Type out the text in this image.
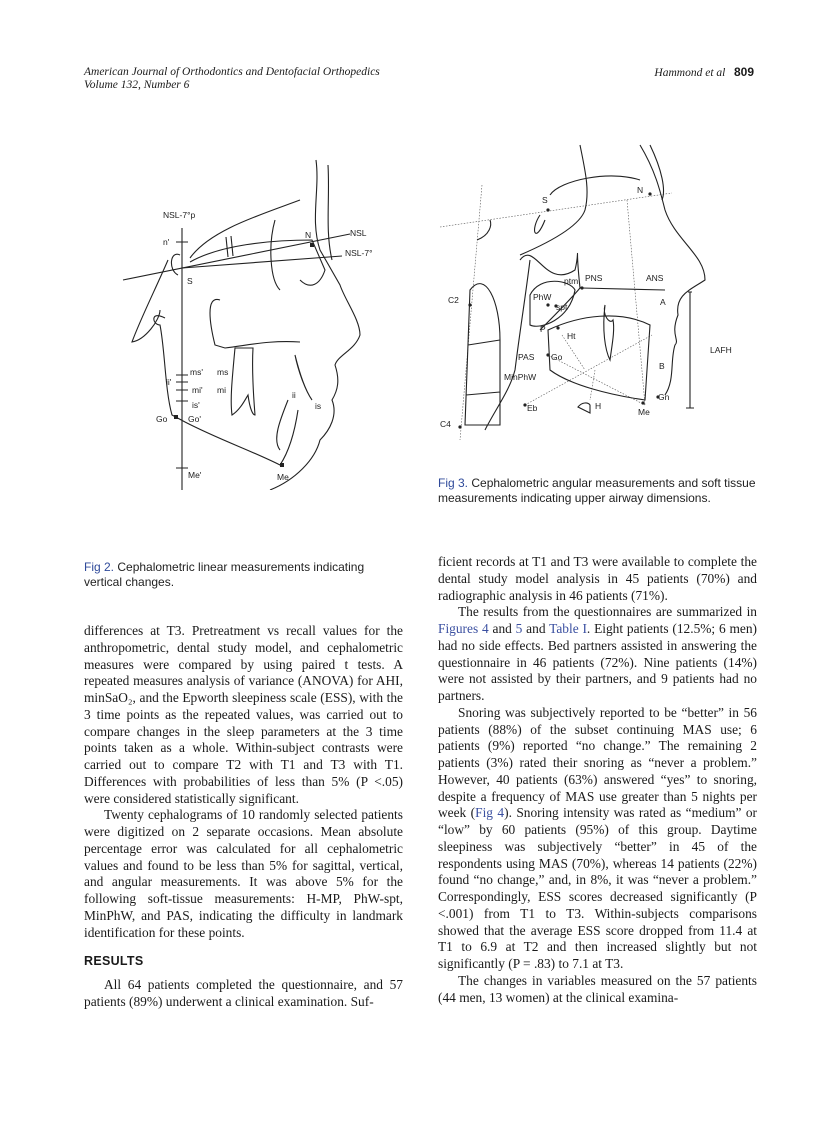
American Journal of Orthodontics and Dentofacial Orthopedics
Volume 132, Number 6
Hammond et al 809
NSL-7°p
n'
NSL
N
NSL-7°
S
ms' ms
ii'
mi' mi
is'
Go Go'
ii
is
Me'	Me
S
N
C2
ptm PNS	ANS
PhW
spt	A
LAFH
P
Ht
PAS Go
B
MinPhW
Eb	H
Gn
Me
C4
Fig 3. Cephalometric angular measurements and soft tissue measurements indicating upper airway dimensions.
Fig 2. Cephalometric linear measurements indicating vertical changes.

differences at T3. Pretreatment vs recall values for the anthropometric, dental study model, and cephalometric measures were compared by using paired t tests. A repeated measures analysis of variance (ANOVA) for AHI, minSaO₂, and the Epworth sleepiness scale (ESS), with the 3 time points as the repeated values, was carried out to compare changes in the sleep parameters at the 3 time points taken as a whole. Within-subject contrasts were carried out to compare T2 with T1 and T3 with T1. Differences with probabilities of less than 5% (P <.05) were considered statistically significant.

Twenty cephalograms of 10 randomly selected patients were digitized on 2 separate occasions. Mean absolute percentage error was calculated for all cephalometric values and found to be less than 5% for sagittal, vertical, and angular measurements. It was above 5% for the following soft-tissue measurements: H-MP, PhW-spt, MinPhW, and PAS, indicating the difficulty in landmark identification for these points.

RESULTS

All 64 patients completed the questionnaire, and 57 patients (89%) underwent a clinical examination. Suf-

ficient records at T1 and T3 were available to complete the dental study model analysis in 45 patients (70%) and radiographic analysis in 46 patients (71%).

The results from the questionnaires are summarized in Figures 4 and 5 and Table I. Eight patients (12.5%; 6 men) had no side effects. Bed partners assisted in answering the questionnaire in 46 patients (72%). Nine patients (14%) were not assisted by their partners, and 9 patients had no partners.

Snoring was subjectively reported to be “better” in 56 patients (88%) of the subset continuing MAS use; 6 patients (9%) reported “no change.” The remaining 2 patients (3%) rated their snoring as “never a problem.” However, 40 patients (63%) answered “yes” to snoring, despite a frequency of MAS use greater than 5 nights per week (Fig 4). Snoring intensity was rated as “medium” or “low” by 60 patients (95%) of this group. Daytime sleepiness was subjectively “better” in 45 of the respondents using MAS (70%), whereas 14 patients (22%) found “no change,” and, in 8%, it was “never a problem.” Correspondingly, ESS scores decreased significantly (P <.001) from T1 to T3. Within-subjects comparisons showed that the average ESS score dropped from 11.4 at T1 to 6.9 at T2 and then increased slightly but not significantly (P = .83) to 7.1 at T3.

The changes in variables measured on the 57 patients (44 men, 13 women) at the clinical examina-
